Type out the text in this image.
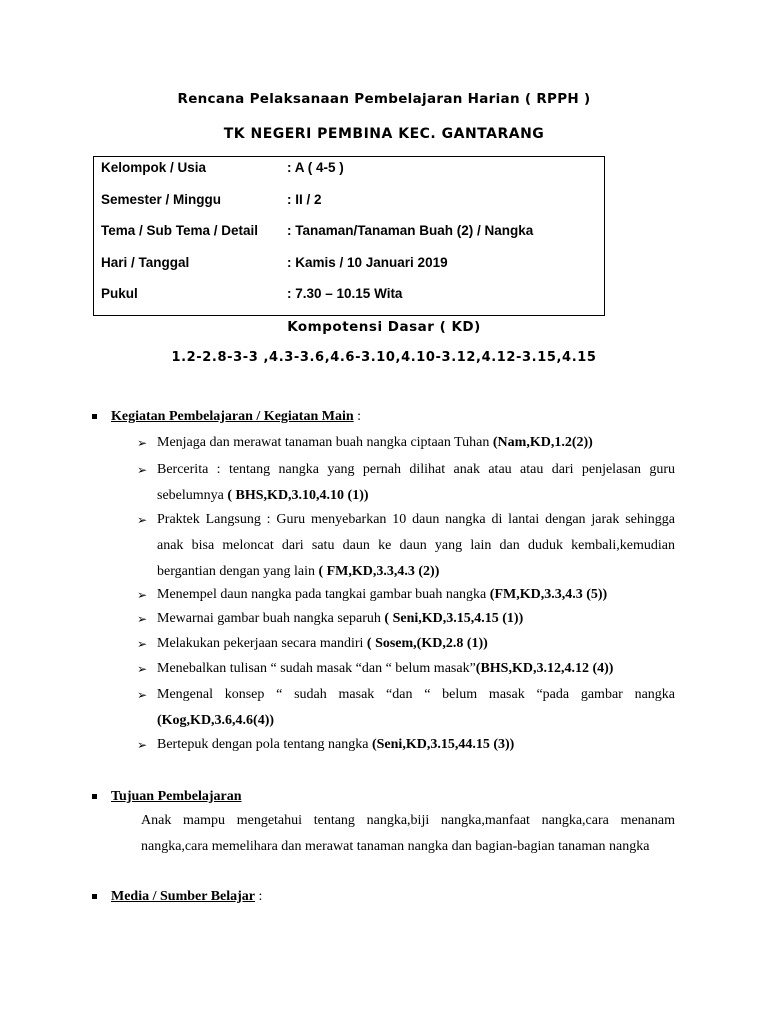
Rencana Pelaksanaan Pembelajaran Harian ( RPPH )
TK NEGERI PEMBINA KEC. GANTARANG
Kelompok / Usia	: A ( 4-5 )
Semester / Minggu	: II / 2
Tema / Sub Tema / Detail : Tanaman/Tanaman Buah (2) / Nangka
Hari / Tanggal	: Kamis / 10 Januari 2019
Pukul	: 7.30 – 10.15 Wita
Kompotensi Dasar ( KD)
1.2-2.8-3-3 ,4.3-3.6,4.6-3.10,4.10-3.12,4.12-3.15,4.15
Kegiatan Pembelajaran / Kegiatan Main :
➢ Menjaga dan merawat tanaman buah nangka ciptaan Tuhan (Nam,KD,1.2(2))
➢ Bercerita : tentang nangka yang pernah dilihat anak atau atau dari penjelasan guru sebelumnya ( BHS,KD,3.10,4.10 (1))
➢ Praktek Langsung : Guru menyebarkan 10 daun nangka di lantai dengan jarak sehingga anak bisa meloncat dari satu daun ke daun yang lain dan duduk kembali,kemudian bergantian dengan yang lain ( FM,KD,3.3,4.3 (2))
➢ Menempel daun nangka pada tangkai gambar buah nangka (FM,KD,3.3,4.3 (5))
➢ Mewarnai gambar buah nangka separuh ( Seni,KD,3.15,4.15 (1))
➢ Melakukan pekerjaan secara mandiri ( Sosem,(KD,2.8 (1))
➢ Menebalkan tulisan “ sudah masak “dan “ belum masak”(BHS,KD,3.12,4.12 (4))
➢ Mengenal konsep “ sudah masak “dan “ belum masak “pada gambar nangka (Kog,KD,3.6,4.6(4))
➢ Bertepuk dengan pola tentang nangka (Seni,KD,3.15,44.15 (3))
Tujuan Pembelajaran
Anak mampu mengetahui tentang nangka,biji nangka,manfaat nangka,cara menanam nangka,cara memelihara dan merawat tanaman nangka dan bagian-bagian tanaman nangka
Media / Sumber Belajar :
